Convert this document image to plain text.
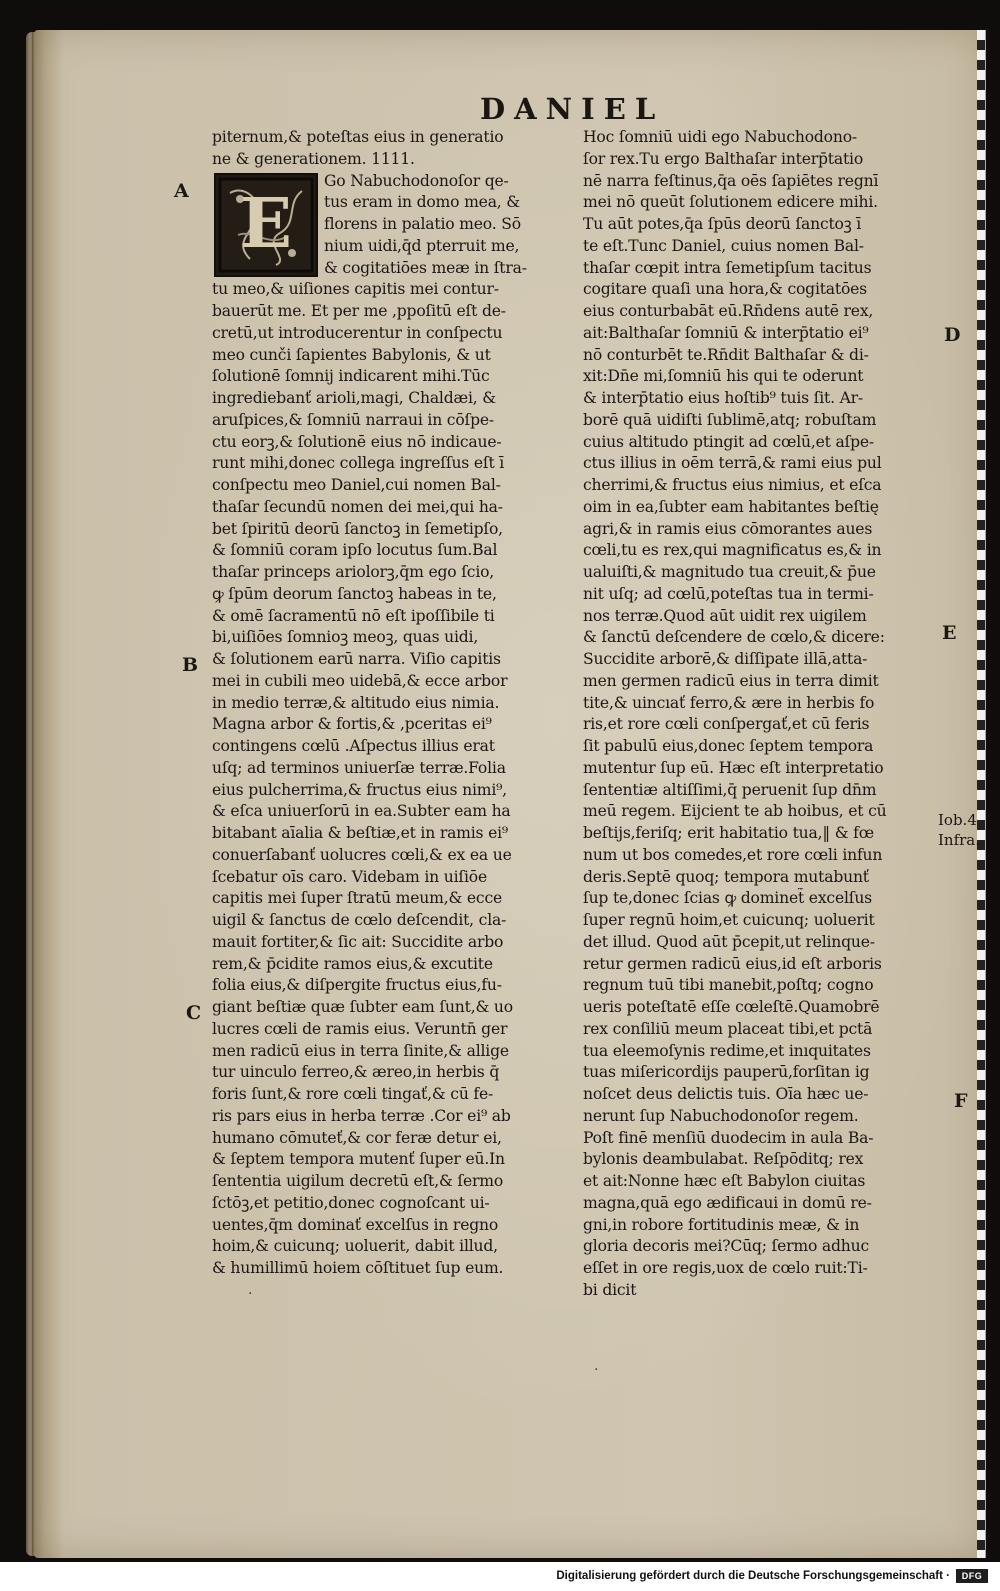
DANIEL
E
piternum,& poteſtas eius in generatio
ne & generationem. 1111.
Go Nabuchodonoſor qe-
tus eram in domo mea, &
florens in palatio meo. Sō
nium uidi,q̄d pterruit me,
& cogitatiōes meæ in ſtra-
tu meo,& uiſiones capitis mei contur-
bauerūt me. Et per me ,ppoſitū eſt de-
cretū,ut introducerentur in conſpectu
meo cunči ſapientes Babylonis, & ut
ſolutionē ſomnij indicarent mihi.Tūc
ingrediebanť arioli,magi, Chaldæi, &
aruſpices,& ſomniū narraui in cōſpe-
ctu eorꝫ,& ſolutionē eius nō indicaue-
runt mihi,donec collega ingreſſus eſt ī
conſpectu meo Daniel,cui nomen Bal-
thaſar ſecundū nomen dei mei,qui ha-
bet ſpiritū deorū ſanctoꝫ in ſemetipſo,
& ſomniū coram ipſo locutus ſum.Bal
thaſar princeps ariolorꝫ,q̄m ego ſcio,
ꝙ ſpūm deorum ſanctoꝫ habeas in te,
& omē ſacramentū nō eſt ipoſſibile ti
bi,uiſiōes ſomnioꝫ meoꝫ, quas uidi,
& ſolutionem earū narra. Viſio capitis
mei in cubili meo uidebā,& ecce arbor
in medio terræ,& altitudo eius nimia.
Magna arbor & fortis,& ,pceritas ei⁹
contingens cœlū .Aſpectus illius erat
uſq; ad terminos uniuerſæ terræ.Folia
eius pulcherrima,& fructus eius nimi⁹,
& eſca uniuerſorū in ea.Subter eam ha
bitabant aīalia & beſtiæ,et in ramis ei⁹
conuerſabanť uolucres cœli,& ex ea ue
ſcebatur oīs caro. Videbam in uiſiōe
capitis mei ſuper ſtratū meum,& ecce
uigil & ſanctus de cœlo deſcendit, cla-
mauit fortiter,& ſic ait: Succidite arbo
rem,& p̄cidite ramos eius,& excutite
folia eius,& diſpergite fructus eius,fu-
giant beſtiæ quæ ſubter eam ſunt,& uo
lucres cœli de ramis eius. Veruntn̄ ger
men radicū eius in terra ſinite,& allige
tur uinculo ferreo,& æreo,in herbis q̄
foris ſunt,& rore cœli tingať,& cū fe-
ris pars eius in herba terræ .Cor ei⁹ ab
humano cōmuteť,& cor feræ detur ei,
& ſeptem tempora mutenť ſuper eū.In
ſententia uigilum decretū eſt,& ſermo
ſctōꝫ,et petitio,donec cognoſcant ui-
uentes,q̄m dominať excelſus in regno
hoim,& cuicunq; uoluerit, dabit illud,
& humillimū hoiem cōſtituet ſup eum.
Hoc ſomniū uidi ego Nabuchodono-
ſor rex.Tu ergo Balthaſar interp̄tatio
nē narra feſtinus,q̄a oēs ſapiētes regnī
mei nō queūt ſolutionem edicere mihi.
Tu aūt potes,q̄a ſpūs deorū ſanctoꝫ ī
te eſt.Tunc Daniel, cuius nomen Bal-
thaſar cœpit intra ſemetipſum tacitus
cogitare quaſi una hora,& cogitatōes
eius conturbabāt eū.Rn̄dens autē rex,
ait:Balthaſar ſomniū & interp̄tatio ei⁹
nō conturbēt te.Rn̄dit Balthaſar & di-
xit:Dn̄e mi,ſomniū his qui te oderunt
& interp̄tatio eius hoſtib⁹ tuis ſit. Ar-
borē quā uidiſti ſublimē,atq; robuſtam
cuius altitudo ptingit ad cœlū,et aſpe-
ctus illius in oēm terrā,& rami eius pul
cherrimi,& fructus eius nimius, et eſca
oim in ea,ſubter eam habitantes beſtię
agri,& in ramis eius cōmorantes aues
cœli,tu es rex,qui magnificatus es,& in
ualuiſti,& magnitudo tua creuit,& p̄ue
nit uſq; ad cœlū,poteſtas tua in termi-
nos terræ.Quod aūt uidit rex uigilem
& ſanctū deſcendere de cœlo,& dicere:
Succidite arborē,& diſſipate illā,atta-
men germen radicū eius in terra dimit
tite,& uincıať ferro,& ære in herbis fo
ris,et rore cœli conſpergať,et cū feris
ſit pabulū eius,donec ſeptem tempora
mutentur ſup eū. Hæc eſt interpretatio
ſententiæ altiſſimi,q̄ peruenit ſup dn̄m
meū regem. Eijcient te ab hoibus, et cū
beſtijs,feriſq; erit habitatio tua,‖ & fœ
num ut bos comedes,et rore cœli infun
deris.Septē quoq; tempora mutabunť
ſup te,donec ſcias ꝙ dominet̃ excelſus
ſuper regnū hoim,et cuicunq; uoluerit
det illud. Quod aūt p̄cepit,ut relinque-
retur germen radicū eius,id eſt arboris
regnum tuū tibi manebit,poſtq; cogno
ueris poteſtatē eſſe cœleſtē.Quamobrē
rex conſiliū meum placeat tibi,et pctā
tua eleemoſynis redime,et inıquitates
tuas miſericordijs pauperū,forſitan ig
noſcet deus delictis tuis. Oīa hæc ue-
nerunt ſup Nabuchodonoſor regem.
Poſt finē menſiū duodecim in aula Ba-
bylonis deambulabat. Reſpōditq; rex
et ait:Nonne hæc eſt Babylon ciuitas
magna,quā ego ædificaui in domū re-
gni,in robore fortitudinis meæ, & in
gloria decoris mei?Cūq; ſermo adhuc
eſſet in ore regis,uox de cœlo ruit:Ti-
bi dicit
A
B
C
D
E
F
Iob.4
Infra.
·
·
Digitalisierung gefördert durch die Deutsche Forschungsgemeinschaft ·	DFG
